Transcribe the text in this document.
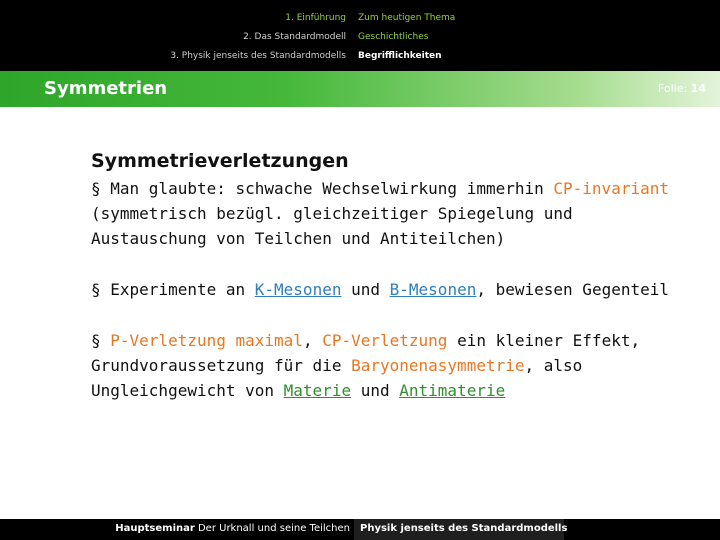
1. Einführung
2. Das Standardmodell
3. Physik jenseits des Standardmodells
Zum heutigen Thema
Geschichtliches
Begrifflichkeiten
Symmetrien	Folie: 14
Symmetrieverletzungen

§ Man glaubte: schwache Wechselwirkung immerhin CP-invariant (symmetrisch bezügl. gleichzeitiger Spiegelung und Austauschung von Teilchen und Antiteilchen)

§ Experimente an K-Mesonen und B-Mesonen, bewiesen Gegenteil

§ P-Verletzung maximal, CP-Verletzung ein kleiner Effekt, Grundvoraussetzung für die Baryonenasymmetrie, also Ungleichgewicht von Materie und Antimaterie

Hauptseminar Der Urknall und seine Teilchen Physik jenseits des Standardmodells
